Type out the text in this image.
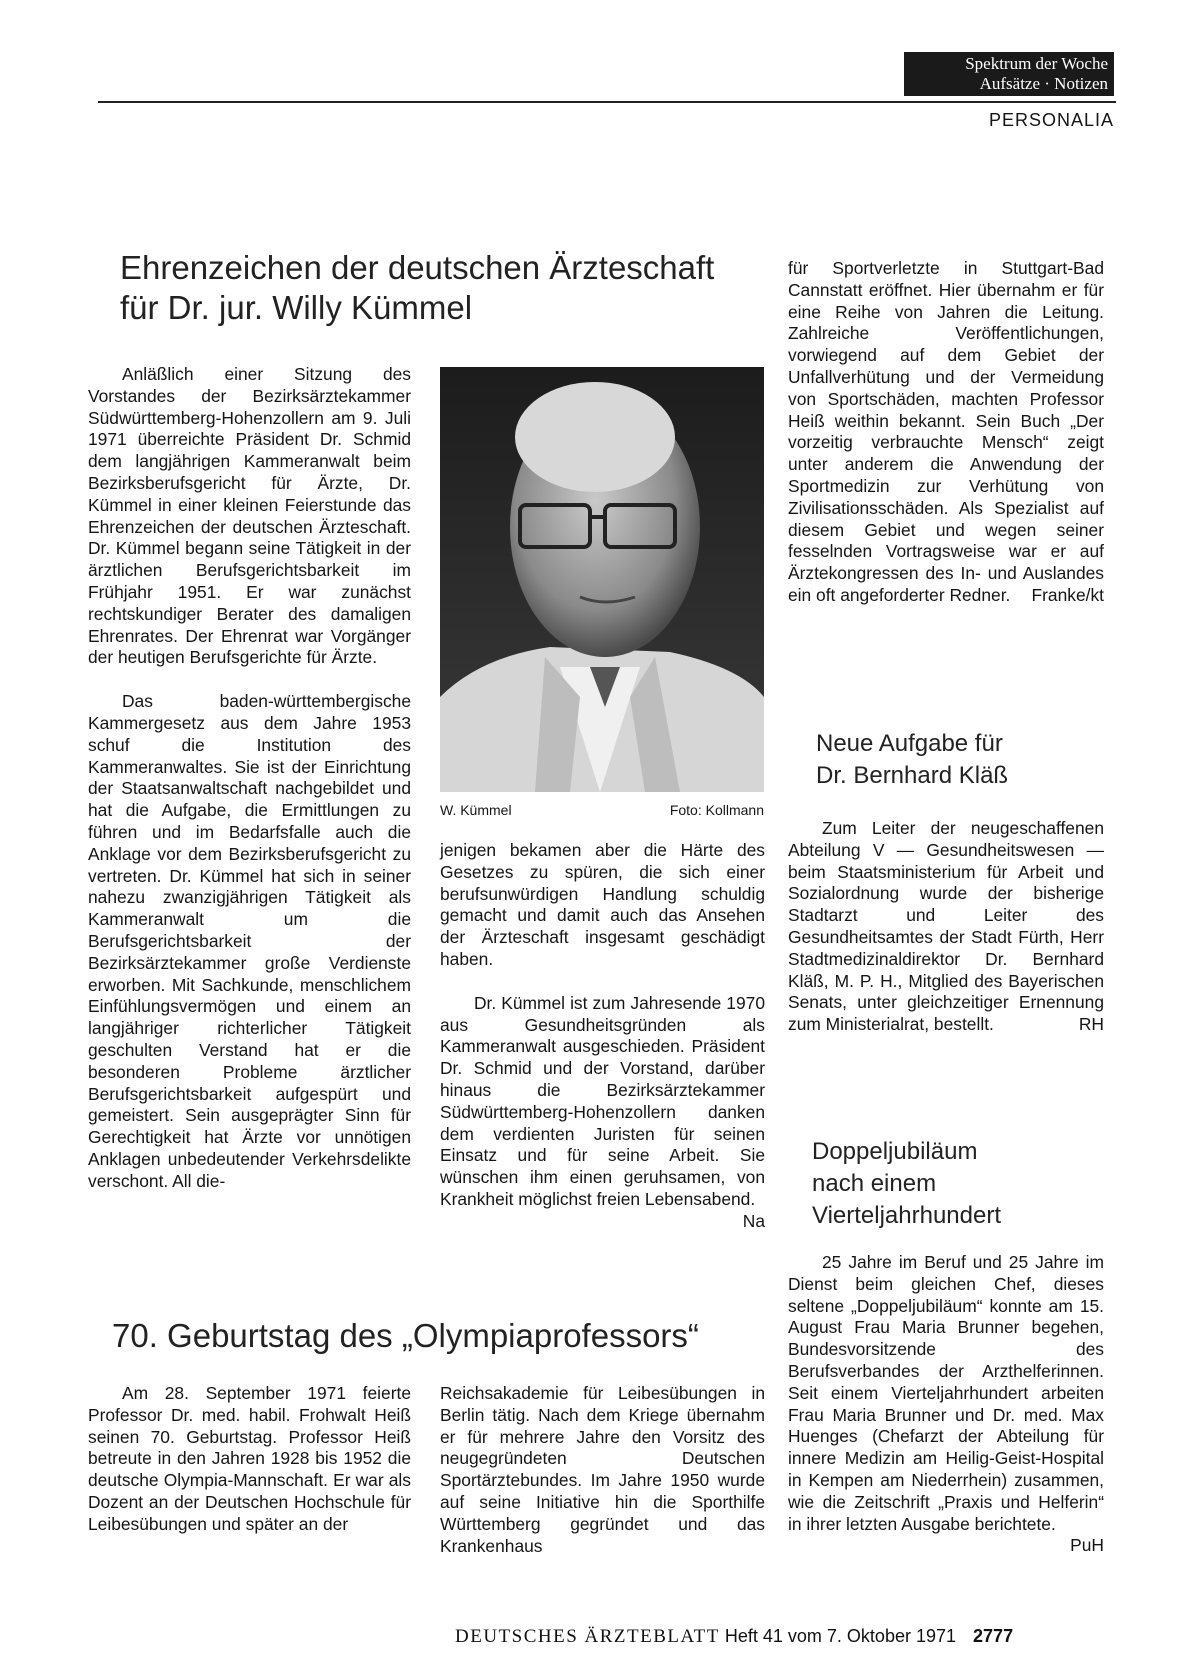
Spektrum der Woche
Aufsätze · Notizen
PERSONALIA
Ehrenzeichen der deutschen Ärzteschaft
für Dr. jur. Willy Kümmel

Anläßlich einer Sitzung des Vorstandes der Bezirksärztekammer Südwürttemberg-Hohenzollern am 9. Juli 1971 überreichte Präsident Dr. Schmid dem langjährigen Kammeranwalt beim Bezirksberufsgericht für Ärzte, Dr. Kümmel in einer kleinen Feierstunde das Ehrenzeichen der deutschen Ärzteschaft. Dr. Kümmel begann seine Tätigkeit in der ärztlichen Berufsgerichtsbarkeit im Frühjahr 1951. Er war zunächst rechtskundiger Berater des damaligen Ehrenrates. Der Ehrenrat war Vorgänger der heutigen Berufsgerichte für Ärzte.

Das baden-württembergische Kammergesetz aus dem Jahre 1953 schuf die Institution des Kammeranwaltes. Sie ist der Einrichtung der Staatsanwaltschaft nachgebildet und hat die Aufgabe, die Ermittlungen zu führen und im Bedarfsfalle auch die Anklage vor dem Bezirksberufsgericht zu vertreten. Dr. Kümmel hat sich in seiner nahezu zwanzigjährigen Tätigkeit als Kammeranwalt um die Berufsgerichtsbarkeit der Bezirksärztekammer große Verdienste erworben. Mit Sachkunde, menschlichem Einfühlungsvermögen und einem an langjähriger richterlicher Tätigkeit geschulten Verstand hat er die besonderen Probleme ärztlicher Berufsgerichtsbarkeit aufgespürt und gemeistert. Sein ausgeprägter Sinn für Gerechtigkeit hat Ärzte vor unnötigen Anklagen unbedeutender Verkehrsdelikte verschont. All die-

W. Kümmel	Foto: Kollmann

jenigen bekamen aber die Härte des Gesetzes zu spüren, die sich einer berufsunwürdigen Handlung schuldig gemacht und damit auch das Ansehen der Ärzteschaft insgesamt geschädigt haben.

Dr. Kümmel ist zum Jahresende 1970 aus Gesundheitsgründen als Kammeranwalt ausgeschieden. Präsident Dr. Schmid und der Vorstand, darüber hinaus die Bezirksärztekammer Südwürttemberg-Hohenzollern danken dem verdienten Juristen für seinen Einsatz und für seine Arbeit. Sie wünschen ihm einen geruhsamen, von Krankheit möglichst freien Lebensabend.
Na

70. Geburtstag des „Olympiaprofessors“

Am 28. September 1971 feierte Professor Dr. med. habil. Frohwalt Heiß seinen 70. Geburtstag. Professor Heiß betreute in den Jahren 1928 bis 1952 die deutsche Olympia-Mannschaft. Er war als Dozent an der Deutschen Hochschule für Leibesübungen und später an der

Reichsakademie für Leibesübungen in Berlin tätig. Nach dem Kriege übernahm er für mehrere Jahre den Vorsitz des neugegründeten Deutschen Sportärztebundes. Im Jahre 1950 wurde auf seine Initiative hin die Sporthilfe Württemberg gegründet und das Krankenhaus

für Sportverletzte in Stuttgart-Bad Cannstatt eröffnet. Hier übernahm er für eine Reihe von Jahren die Leitung. Zahlreiche Veröffentlichungen, vorwiegend auf dem Gebiet der Unfallverhütung und der Vermeidung von Sportschäden, machten Professor Heiß weithin bekannt. Sein Buch „Der vorzeitig verbrauchte Mensch“ zeigt unter anderem die Anwendung der Sportmedizin zur Verhütung von Zivilisationsschäden. Als Spezialist auf diesem Gebiet und wegen seiner fesselnden Vortragsweise war er auf Ärztekongressen des In- und Auslandes ein oft angeforderter Redner. Franke/kt

Neue Aufgabe für
Dr. Bernhard Kläß

Zum Leiter der neugeschaffenen Abteilung V — Gesundheitswesen — beim Staatsministerium für Arbeit und Sozialordnung wurde der bisherige Stadtarzt und Leiter des Gesundheitsamtes der Stadt Fürth, Herr Stadtmedizinaldirektor Dr. Bernhard Kläß, M. P. H., Mitglied des Bayerischen Senats, unter gleichzeitiger Ernennung zum Ministerialrat, bestellt.	RH

Doppeljubiläum
nach einem
Vierteljahrhundert

25 Jahre im Beruf und 25 Jahre im Dienst beim gleichen Chef, dieses seltene „Doppeljubiläum“ konnte am 15. August Frau Maria Brunner begehen, Bundesvorsitzende des Berufsverbandes der Arzthelferinnen. Seit einem Vierteljahrhundert arbeiten Frau Maria Brunner und Dr. med. Max Huenges (Chefarzt der Abteilung für innere Medizin am Heilig-Geist-Hospital in Kempen am Niederrhein) zusammen, wie die Zeitschrift „Praxis und Helferin“ in ihrer letzten Ausgabe berichtete.
PuH

DEUTSCHES ÄRZTEBLATT Heft 41 vom 7. Oktober 1971 2777
